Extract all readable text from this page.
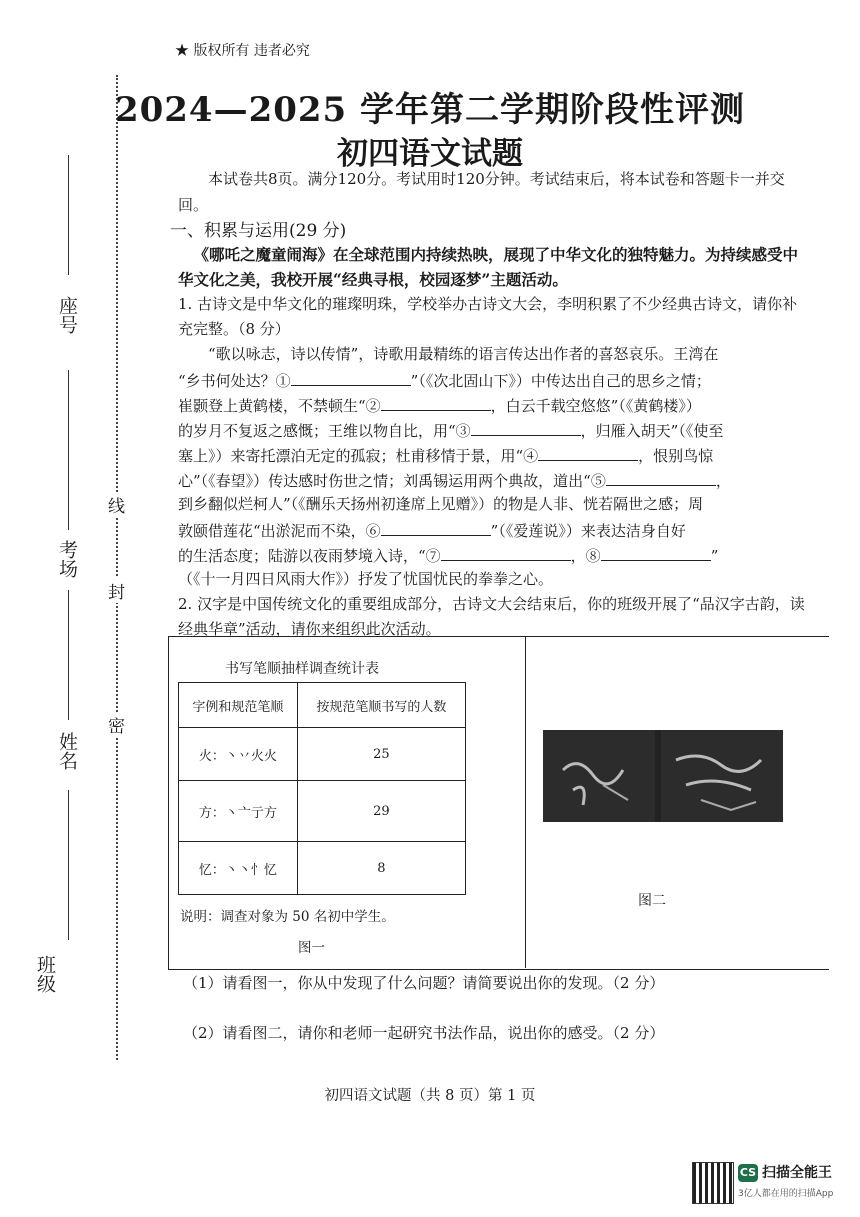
座号
考场
姓名
班级
线
封
密
★ 版权所有 违者必究
2024—2025 学年第二学期阶段性评测
初四语文试题
本试卷共8页。满分120分。考试用时120分钟。考试结束后，将本试卷和答题卡一并交回。
一、积累与运用(29 分)
《哪吒之魔童闹海》在全球范围内持续热映，展现了中华文化的独特魅力。为持续感受中华文化之美，我校开展“经典寻根，校园逐梦”主题活动。
1. 古诗文是中华文化的璀璨明珠，学校举办古诗文大会，李明积累了不少经典古诗文，请你补充完整。（8 分）
“歌以咏志，诗以传情”，诗歌用最精练的语言传达出作者的喜怒哀乐。王湾在
“乡书何处达？①	”（《次北固山下》）中传达出自己的思乡之情；
崔颢登上黄鹤楼，不禁顿生“②	，白云千载空悠悠”（《黄鹤楼》）
的岁月不复返之感慨；王维以物自比，用“③	，归雁入胡天”（《使至
塞上》）来寄托漂泊无定的孤寂；杜甫移情于景，用“④	，恨别鸟惊
心”（《春望》）传达感时伤世之情；刘禹锡运用两个典故，道出“⑤	，
到乡翻似烂柯人”（《酬乐天扬州初逢席上见赠》）的物是人非、恍若隔世之感；周
敦颐借莲花“出淤泥而不染，⑥	”（《爱莲说》）来表达洁身自好
的生活态度；陆游以夜雨梦境入诗，“⑦	，⑧	”
（《十一月四日风雨大作》）抒发了忧国忧民的拳拳之心。
2. 汉字是中国传统文化的重要组成部分，古诗文大会结束后，你的班级开展了“品汉字古韵，读经典华章”活动，请你来组织此次活动。
书写笔顺抽样调查统计表
字例和规范笔顺	按规范笔顺书写的人数
火：丶丷火火	25
方：丶亠亍方	29
忆：丶丶忄忆	8
说明：调查对象为 50 名初中学生。
图一
图二
（1）请看图一，你从中发现了什么问题？请简要说出你的发现。（2 分）
（2）请看图二，请你和老师一起研究书法作品，说出你的感受。（2 分）
初四语文试题（共 8 页）第 1 页
CS 扫描全能王
3亿人都在用的扫描App
